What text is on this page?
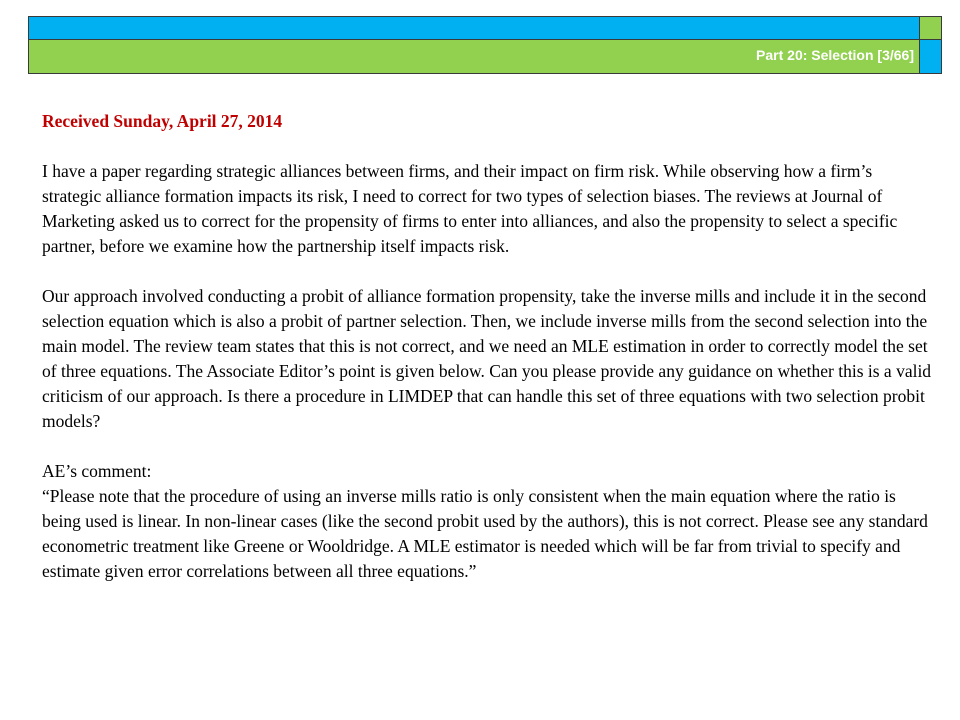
Part 20: Selection [3/66]

Received Sunday, April 27, 2014

I have a paper regarding strategic alliances between firms, and their impact on firm risk. While observing how a firm’s strategic alliance formation impacts its risk, I need to correct for two types of selection biases. The reviews at Journal of Marketing asked us to correct for the propensity of firms to enter into alliances, and also the propensity to select a specific partner, before we examine how the partnership itself impacts risk.

Our approach involved conducting a probit of alliance formation propensity, take the inverse mills and include it in the second selection equation which is also a probit of partner selection. Then, we include inverse mills from the second selection into the main model. The review team states that this is not correct, and we need an MLE estimation in order to correctly model the set of three equations. The Associate Editor’s point is given below. Can you please provide any guidance on whether this is a valid criticism of our approach. Is there a procedure in LIMDEP that can handle this set of three equations with two selection probit models?

AE’s comment:

“Please note that the procedure of using an inverse mills ratio is only consistent when the main equation where the ratio is being used is linear. In non-linear cases (like the second probit used by the authors), this is not correct. Please see any standard econometric treatment like Greene or Wooldridge. A MLE estimator is needed which will be far from trivial to specify and estimate given error correlations between all three equations.”
